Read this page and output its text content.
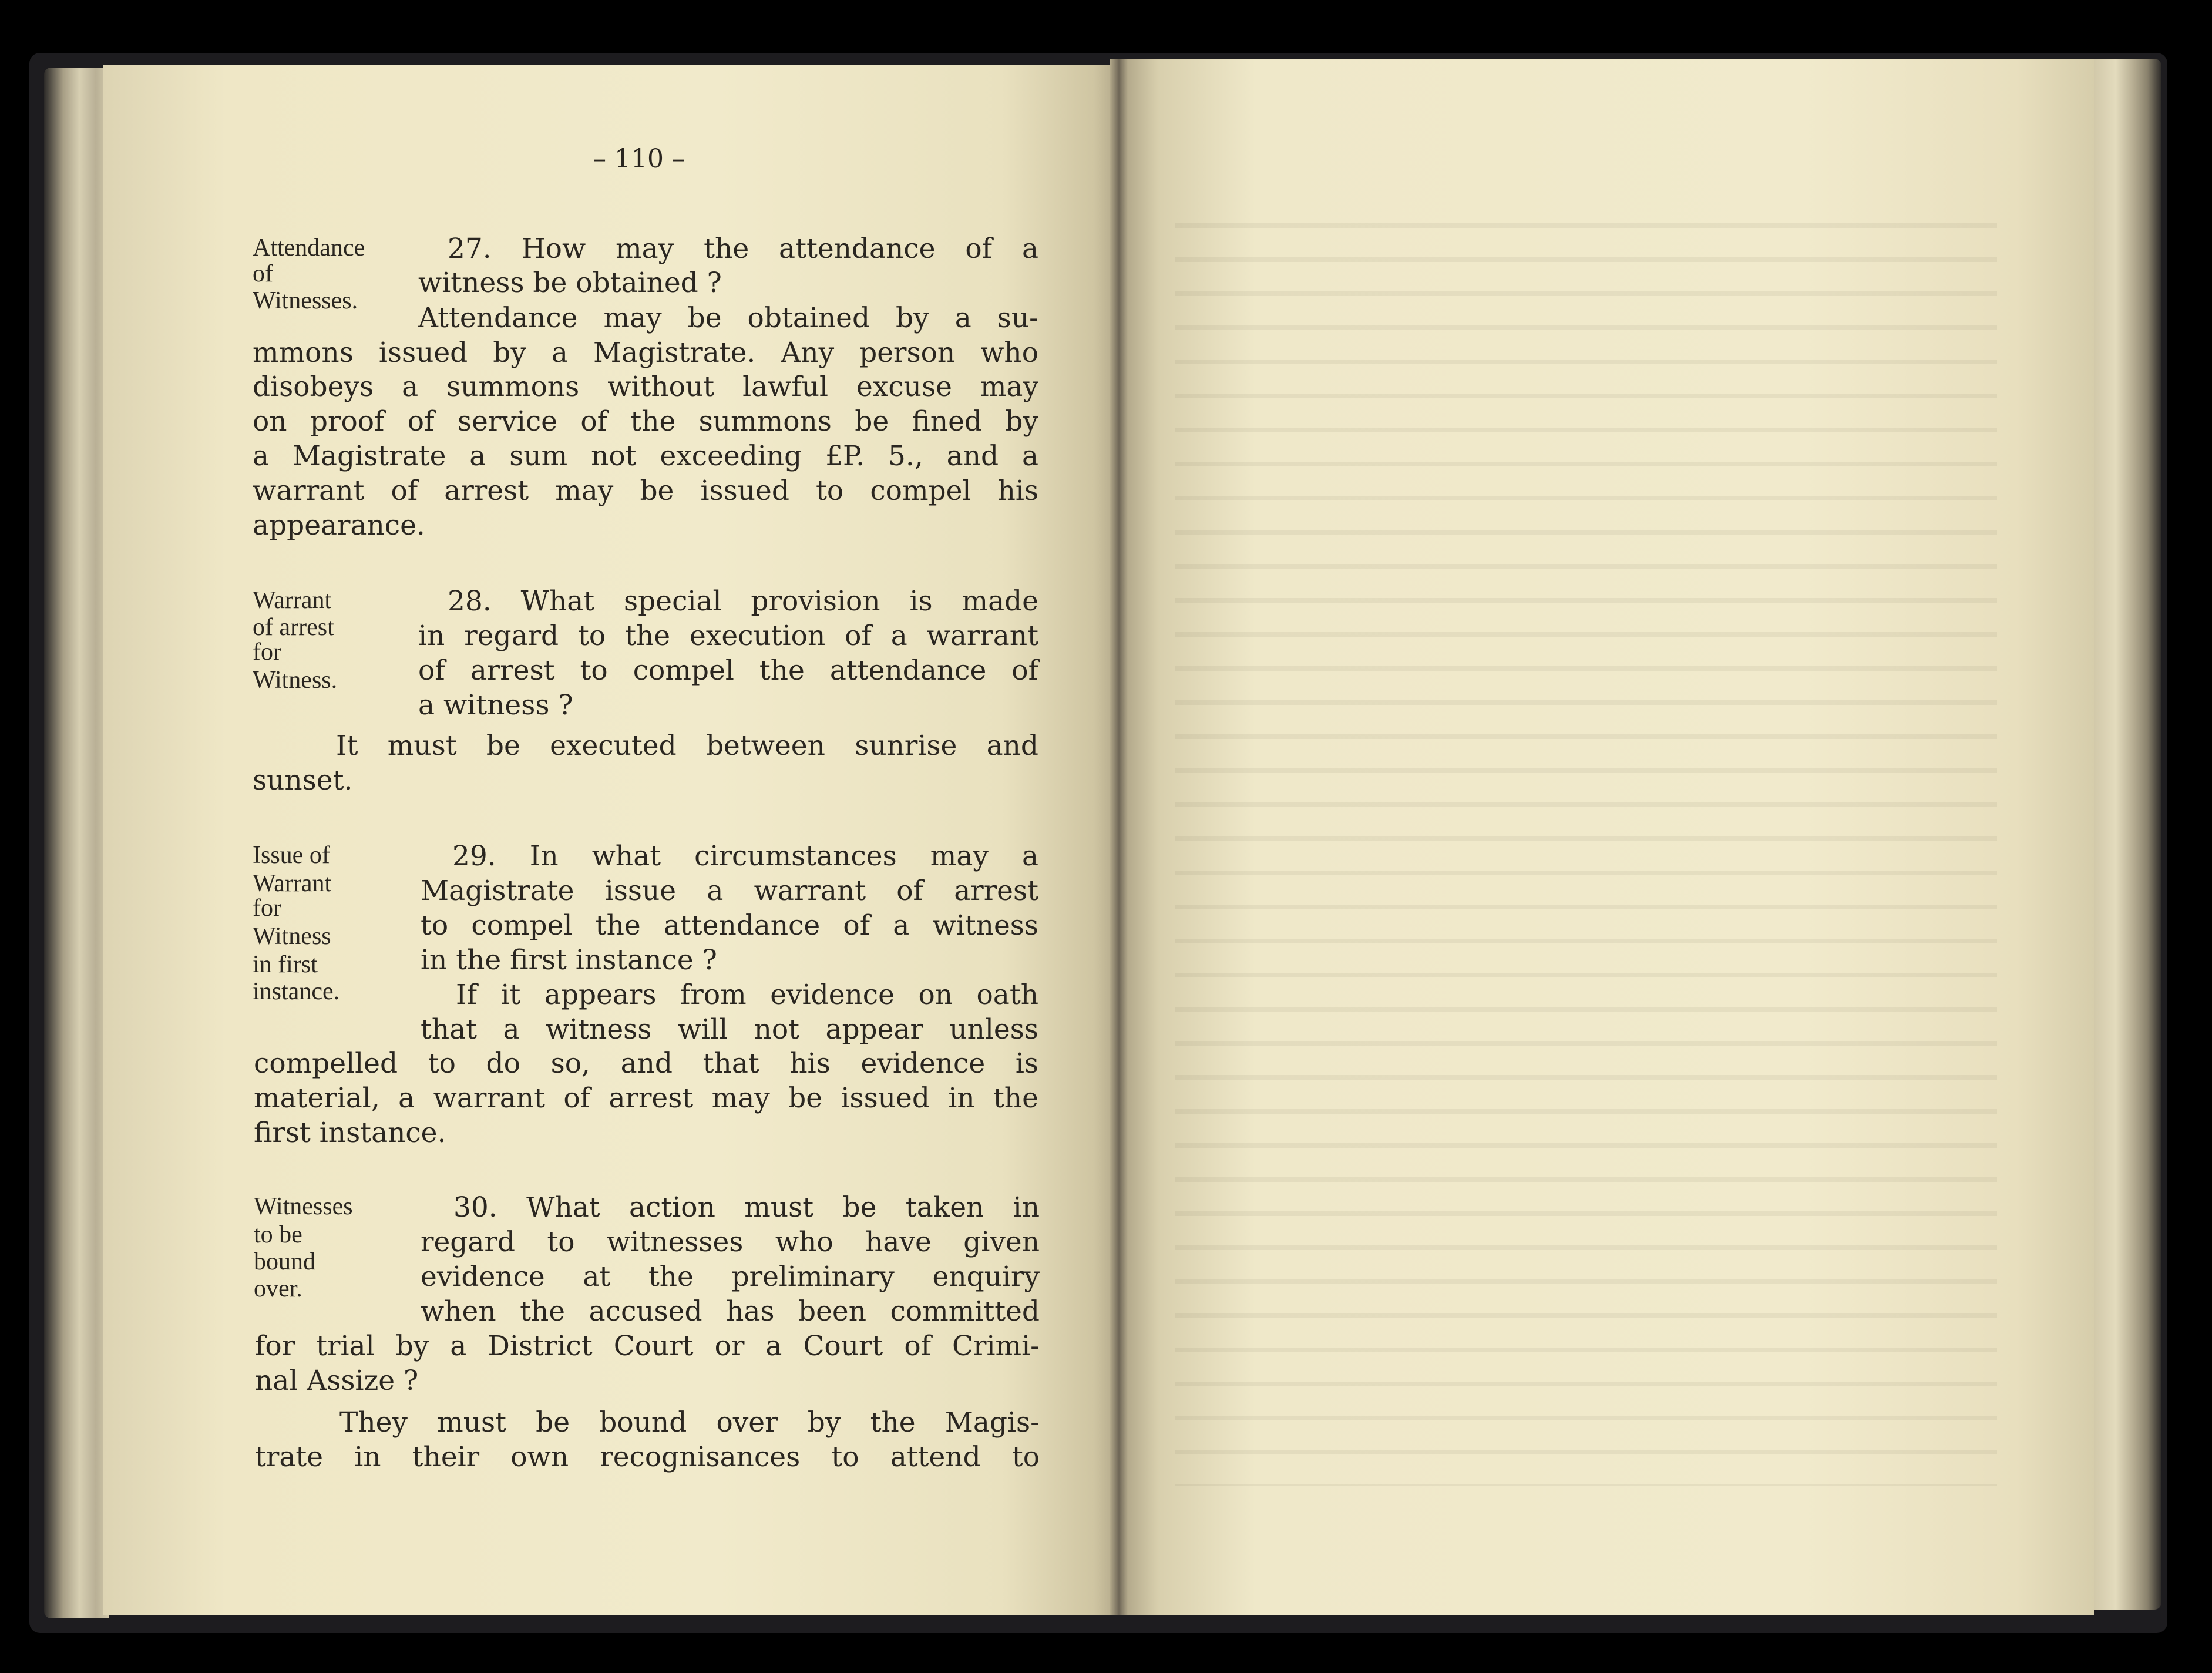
– 110 –

Attendance

of

Witnesses.

27. How may the attendance of a

witness be obtained ?

Attendance may be obtained by a su-

mmons issued by a Magistrate. Any person who

disobeys a summons without lawful excuse may

on proof of service of the summons be fined by

a Magistrate a sum not exceeding £P. 5., and a

warrant of arrest may be issued to compel his

appearance.

Warrant

of arrest

for

Witness.

28. What special provision is made

in regard to the execution of a warrant

of arrest to compel the attendance of

a witness ?

It must be executed between sunrise and

sunset.

Issue of

Warrant

for

Witness

in first

instance.

29. In what circumstances may a

Magistrate issue a warrant of arrest

to compel the attendance of a witness

in the first instance ?

If it appears from evidence on oath

that a witness will not appear unless

compelled to do so, and that his evidence is

material, a warrant of arrest may be issued in the

first instance.

Witnesses

to be

bound

over.

30. What action must be taken in

regard to witnesses who have given

evidence at the preliminary enquiry

when the accused has been committed

for trial by a District Court or a Court of Crimi-

nal Assize ?

They must be bound over by the Magis-

trate in their own recognisances to attend to
